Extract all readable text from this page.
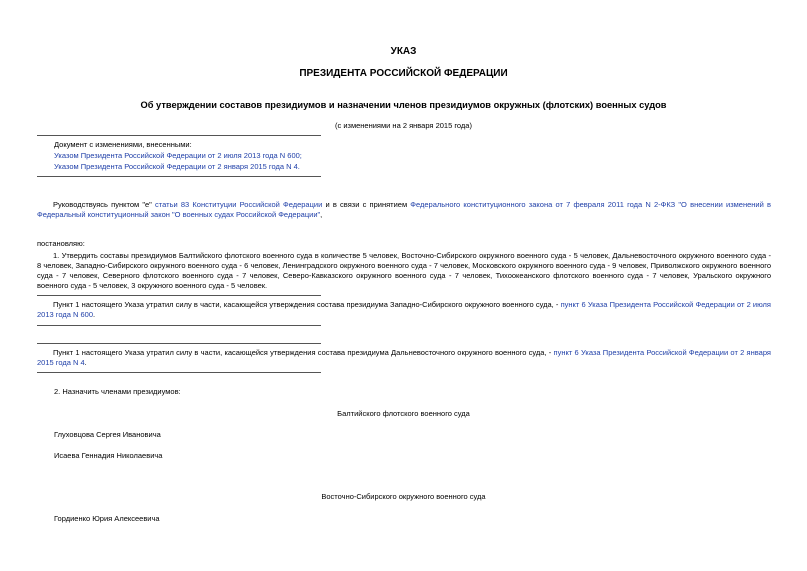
УКАЗ
ПРЕЗИДЕНТА РОССИЙСКОЙ ФЕДЕРАЦИИ
Об утверждении составов президиумов и назначении членов президиумов окружных (флотских) военных судов
(с изменениями на 2 января 2015 года)
Документ с изменениями, внесенными:
Указом Президента Российской Федерации от 2 июля 2013 года N 600;
Указом Президента Российской Федерации от 2 января 2015 года N 4.

Руководствуясь пунктом "е" статьи 83 Конституции Российской Федерации и в связи с принятием Федерального конституционного закона от 7 февраля 2011 года N 2-ФКЗ "О внесении изменений в Федеральный конституционный закон "О военных судах Российской Федерации",

постановляю:

1. Утвердить составы президиумов Балтийского флотского военного суда в количестве 5 человек, Восточно-Сибирского окружного военного суда - 5 человек, Дальневосточного окружного военного суда - 8 человек, Западно-Сибирского окружного военного суда - 6 человек, Ленинградского окружного военного суда - 7 человек, Московского окружного военного суда - 9 человек, Приволжского окружного военного суда - 7 человек, Северного флотского военного суда - 7 человек, Северо-Кавказского окружного военного суда - 7 человек, Тихоокеанского флотского военного суда - 7 человек, Уральского окружного военного суда - 5 человек, 3 окружного военного суда - 5 человек.

Пункт 1 настоящего Указа утратил силу в части, касающейся утверждения состава президиума Западно-Сибирского окружного военного суда, - пункт 6 Указа Президента Российской Федерации от 2 июля 2013 года N 600.

Пункт 1 настоящего Указа утратил силу в части, касающейся утверждения состава президиума Дальневосточного окружного военного суда, - пункт 6 Указа Президента Российской Федерации от 2 января 2015 года N 4.

2. Назначить членами президиумов:
Балтийского флотского военного суда
Глуховцова Сергея Ивановича
Исаева Геннадия Николаевича
Восточно-Сибирского окружного военного суда
Гордиенко Юрия Алексеевича
